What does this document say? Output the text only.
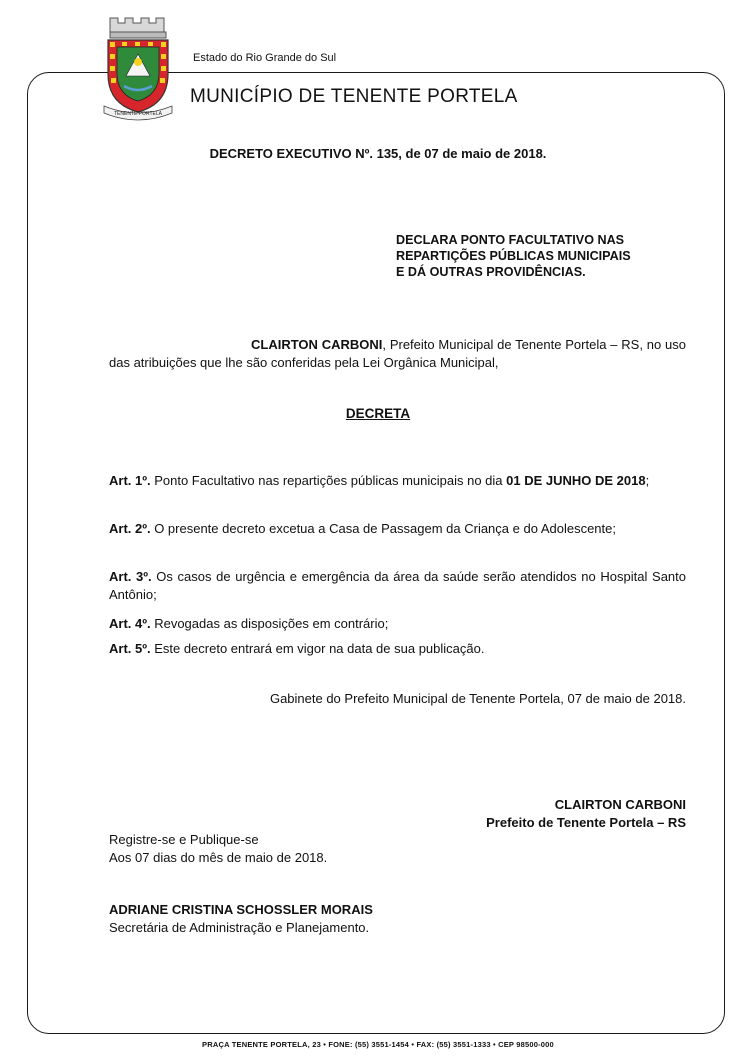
TENENTE PORTELA
Estado do Rio Grande do Sul
MUNICÍPIO DE TENENTE PORTELA
DECRETO EXECUTIVO Nº. 135, de 07 de maio de 2018.
DECLARA PONTO FACULTATIVO NAS
REPARTIÇÕES PÚBLICAS MUNICIPAIS
E DÁ OUTRAS PROVIDÊNCIAS.
CLAIRTON CARBONI, Prefeito Municipal de Tenente Portela – RS, no uso das atribuições que lhe são conferidas pela Lei Orgânica Municipal,
DECRETA
Art. 1º. Ponto Facultativo nas repartições públicas municipais no dia 01 DE JUNHO DE 2018;
Art. 2º. O presente decreto excetua a Casa de Passagem da Criança e do Adolescente;
Art. 3º. Os casos de urgência e emergência da área da saúde serão atendidos no Hospital Santo Antônio;
Art. 4º. Revogadas as disposições em contrário;
Art. 5º. Este decreto entrará em vigor na data de sua publicação.
Gabinete do Prefeito Municipal de Tenente Portela, 07 de maio de 2018.
CLAIRTON CARBONI
Prefeito de Tenente Portela – RS
Registre-se e Publique-se
Aos 07 dias do mês de maio de 2018.
ADRIANE CRISTINA SCHOSSLER MORAIS
Secretária de Administração e Planejamento.
PRAÇA TENENTE PORTELA, 23 • FONE: (55) 3551-1454 • FAX: (55) 3551-1333 • CEP 98500-000
